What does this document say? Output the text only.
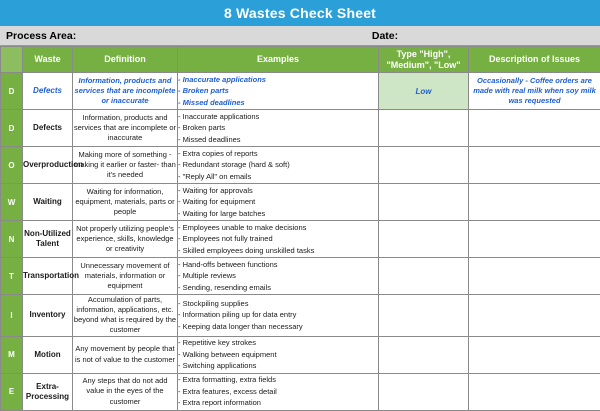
8 Wastes Check Sheet
Process Area:	Date:
	Waste	Definition	Examples	Type "High", "Medium", "Low"	Description of Issues
D	Defects	Information, products and services that are incomplete or inaccurate	- Inaccurate applications
- Broken parts
- Missed deadlines	Low	Occasionally - Coffee orders are made with real milk when soy milk was requested
D	Defects	Information, products and services that are incomplete or inaccurate	- Inaccurate applications
- Broken parts
- Missed deadlines		

O	Overproduction	Making more of something - making it earlier or faster- than it's needed	- Extra copies of reports
- Redundant storage (hard & soft)
- "Reply All" on emails		

W	Waiting	Waiting for information, equipment, materials, parts or people	- Waiting for approvals
- Waiting for equipment
- Waiting for large batches		

N	Non-Utilized Talent	Not properly utilizing people's experience, skills, knowledge or creativity	- Employees unable to make decisions
- Employees not fully trained
- Skilled employees doing unskilled tasks		

T	Transportation	Unnecessary movement of materials, information or equipment	- Hand-offs between functions
- Multiple reviews
- Sending, resending emails		

I	Inventory	Accumulation of parts, information, applications, etc. beyond what is required by the customer	- Stockpiling supplies
- Information piling up for data entry
- Keeping data longer than necessary		

M	Motion	Any movement by people that is not of value to the customer	- Repetitive key strokes
- Walking between equipment
- Switching applications		

E	Extra-Processing	Any steps that do not add value in the eyes of the customer	- Extra formatting, extra fields
- Extra features, excess detail
- Extra report information		
